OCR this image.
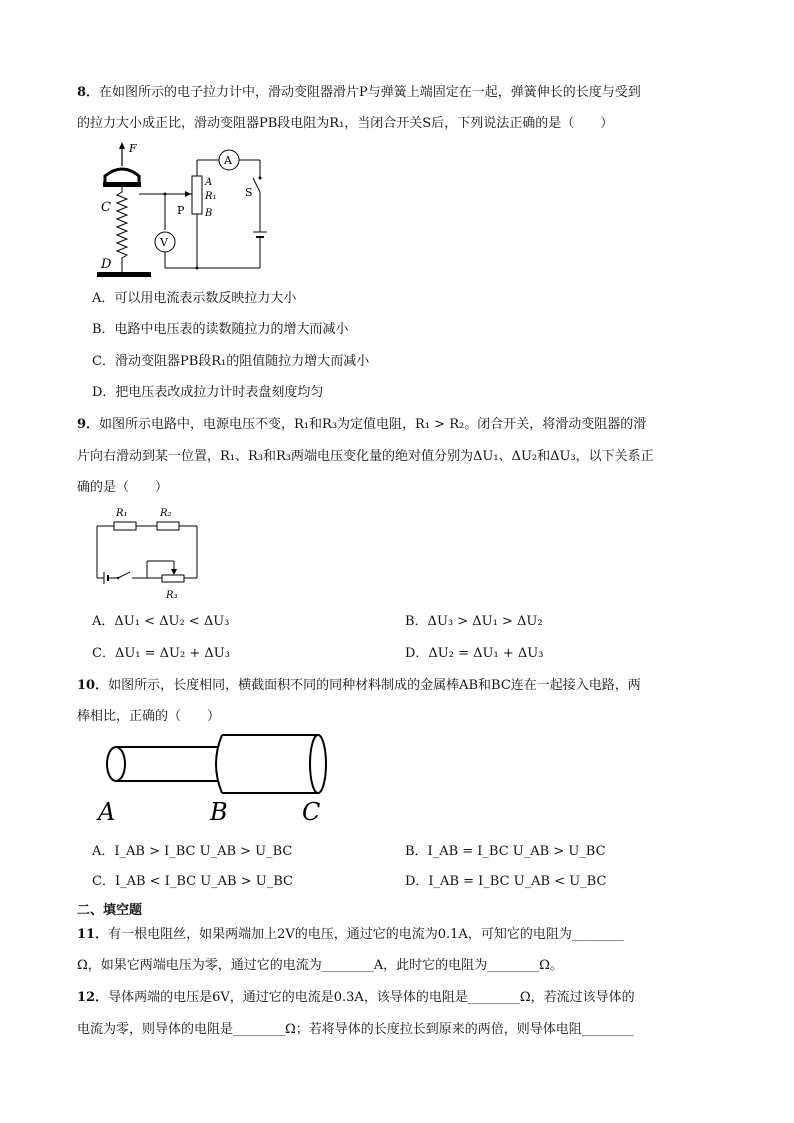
8．在如图所示的电子拉力计中，滑动变阻器滑片P与弹簧上端固定在一起，弹簧伸长的长度与受到
的拉力大小成正比，滑动变阻器PB段电阻为R₁，当闭合开关S后，下列说法正确的是（　　）
F
C
D
V
P
A
R₁
B
A
S
A．可以用电流表示数反映拉力大小
B．电路中电压表的读数随拉力的增大而减小
C．滑动变阻器PB段R₁的阻值随拉力增大而减小
D．把电压表改成拉力计时表盘刻度均匀
9．如图所示电路中，电源电压不变，R₁和R₃为定值电阻，R₁ > R₂。闭合开关，将滑动变阻器的滑
片向右滑动到某一位置，R₁、R₃和R₃两端电压变化量的绝对值分别为ΔU₁、ΔU₂和ΔU₃，以下关系正
确的是（　　）
R₁	R₂
R₃
A．ΔU₁ < ΔU₂ < ΔU₃	B．ΔU₃ > ΔU₁ > ΔU₂
C．ΔU₁ = ΔU₂ + ΔU₃	D．ΔU₂ = ΔU₁ + ΔU₃
10．如图所示，长度相同，横截面积不同的同种材料制成的金属棒AB和BC连在一起接入电路，两
棒相比，正确的（　　）
A	B	C
A．I_AB > I_BC U_AB > U_BC	B．I_AB = I_BC U_AB > U_BC
C．I_AB < I_BC U_AB > U_BC	D．I_AB = I_BC U_AB < U_BC
二、填空题
11．有一根电阻丝，如果两端加上2V的电压，通过它的电流为0.1A，可知它的电阻为________
Ω，如果它两端电压为零，通过它的电流为________A，此时它的电阻为________Ω。
12．导体两端的电压是6V，通过它的电流是0.3A，该导体的电阻是________Ω，若流过该导体的
电流为零，则导体的电阻是________Ω；若将导体的长度拉长到原来的两倍，则导体电阻________
